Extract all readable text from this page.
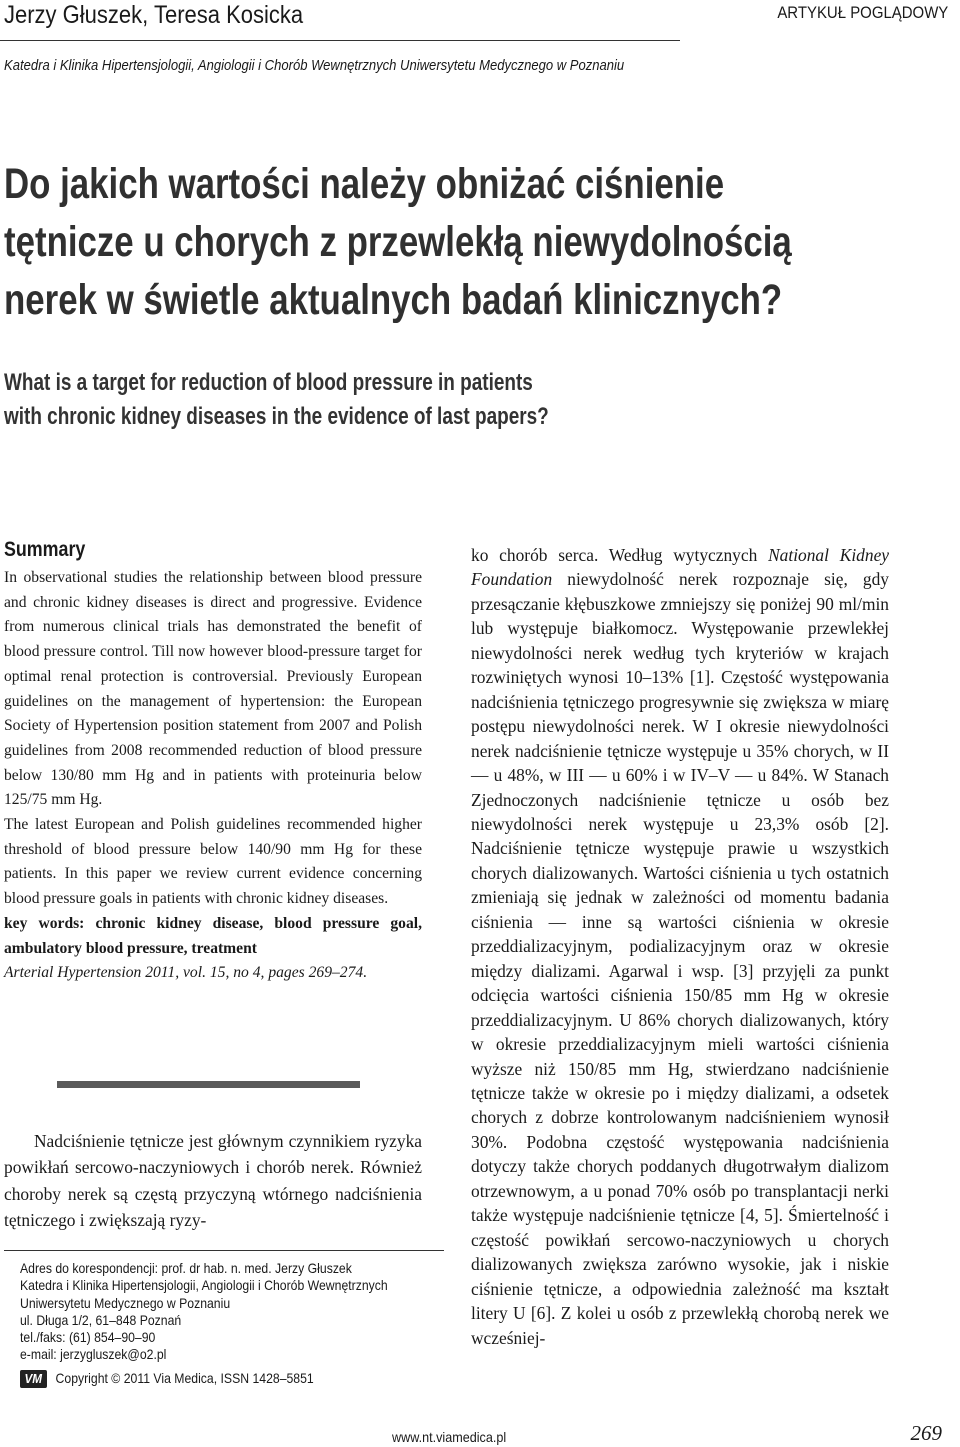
Jerzy Głuszek, Teresa Kosicka	ARTYKUŁ POGLĄDOWY
Katedra i Klinika Hipertensjologii, Angiologii i Chorób Wewnętrznych Uniwersytetu Medycznego w Poznaniu
Do jakich wartości należy obniżać ciśnienie
tętnicze u chorych z przewlekłą niewydolnością
nerek w świetle aktualnych badań klinicznych?
What is a target for reduction of blood pressure in patients
with chronic kidney diseases in the evidence of last papers?
Summary

In observational studies the relationship between blood pressure and chronic kidney diseases is direct and progressive. Evidence from numerous clinical trials has demonstrated the benefit of blood pressure control. Till now however blood-pressure target for optimal renal protection is controversial. Previously European guidelines on the management of hypertension: the European Society of Hypertension position statement from 2007 and Polish guidelines from 2008 recommended reduction of blood pressure below 130/80 mm Hg and in patients with proteinuria below 125/75 mm Hg.

The latest European and Polish guidelines recommended higher threshold of blood pressure below 140/90 mm Hg for these patients. In this paper we review current evidence concerning blood pressure goals in patients with chronic kidney diseases.

key words: chronic kidney disease, blood pressure goal, ambulatory blood pressure, treatment

Arterial Hypertension 2011, vol. 15, no 4, pages 269–274.

Nadciśnienie tętnicze jest głównym czynnikiem ryzyka powikłań sercowo-naczyniowych i chorób nerek. Również choroby nerek są częstą przyczyną wtórnego nadciśnienia tętniczego i zwiększają ryzy-

Adres do korespondencji: prof. dr hab. n. med. Jerzy Głuszek
Katedra i Klinika Hipertensjologii, Angiologii i Chorób Wewnętrznych
Uniwersytetu Medycznego w Poznaniu
ul. Długa 1/2, 61–848 Poznań
tel./faks: (61) 854–90–90
e-mail: jerzygluszek@o2.pl
VM Copyright © 2011 Via Medica, ISSN 1428–5851

ko chorób serca. Według wytycznych National Kidney Foundation niewydolność nerek rozpoznaje się, gdy przesączanie kłębuszkowe zmniejszy się poniżej 90 ml/min lub występuje białkomocz. Występowanie przewlekłej niewydolności nerek według tych kryteriów w krajach rozwiniętych wynosi 10–13% [1]. Częstość występowania nadciśnienia tętniczego progresywnie się zwiększa w miarę postępu niewydolności nerek. W I okresie niewydolności nerek nadciśnienie tętnicze występuje u 35% chorych, w II — u 48%, w III — u 60% i w IV–V — u 84%. W Stanach Zjednoczonych nadciśnienie tętnicze u osób bez niewydolności nerek występuje u 23,3% osób [2]. Nadciśnienie tętnicze występuje prawie u wszystkich chorych dializowanych. Wartości ciśnienia u tych ostatnich zmieniają się jednak w zależności od momentu badania ciśnienia — inne są wartości ciśnienia w okresie przeddializacyjnym, podializacyjnym oraz w okresie między dializami. Agarwal i wsp. [3] przyjęli za punkt odcięcia wartości ciśnienia 150/85 mm Hg w okresie przeddializacyjnym. U 86% chorych dializowanych, który w okresie przeddializacyjnym mieli wartości ciśnienia wyższe niż 150/85 mm Hg, stwierdzano nadciśnienie tętnicze także w okresie po i między dializami, a odsetek chorych z dobrze kontrolowanym nadciśnieniem wynosił 30%. Podobna częstość występowania nadciśnienia dotyczy także chorych poddanych długotrwałym dializom otrzewnowym, a u ponad 70% osób po transplantacji nerki także występuje nadciśnienie tętnicze [4, 5]. Śmiertelność i częstość powikłań sercowo-naczyniowych u chorych dializowanych zwiększa zarówno wysokie, jak i niskie ciśnienie tętnicze, a odpowiednia zależność ma kształt litery U [6]. Z kolei u osób z przewlekłą chorobą nerek we wcześniej-

www.nt.viamedica.pl	269
